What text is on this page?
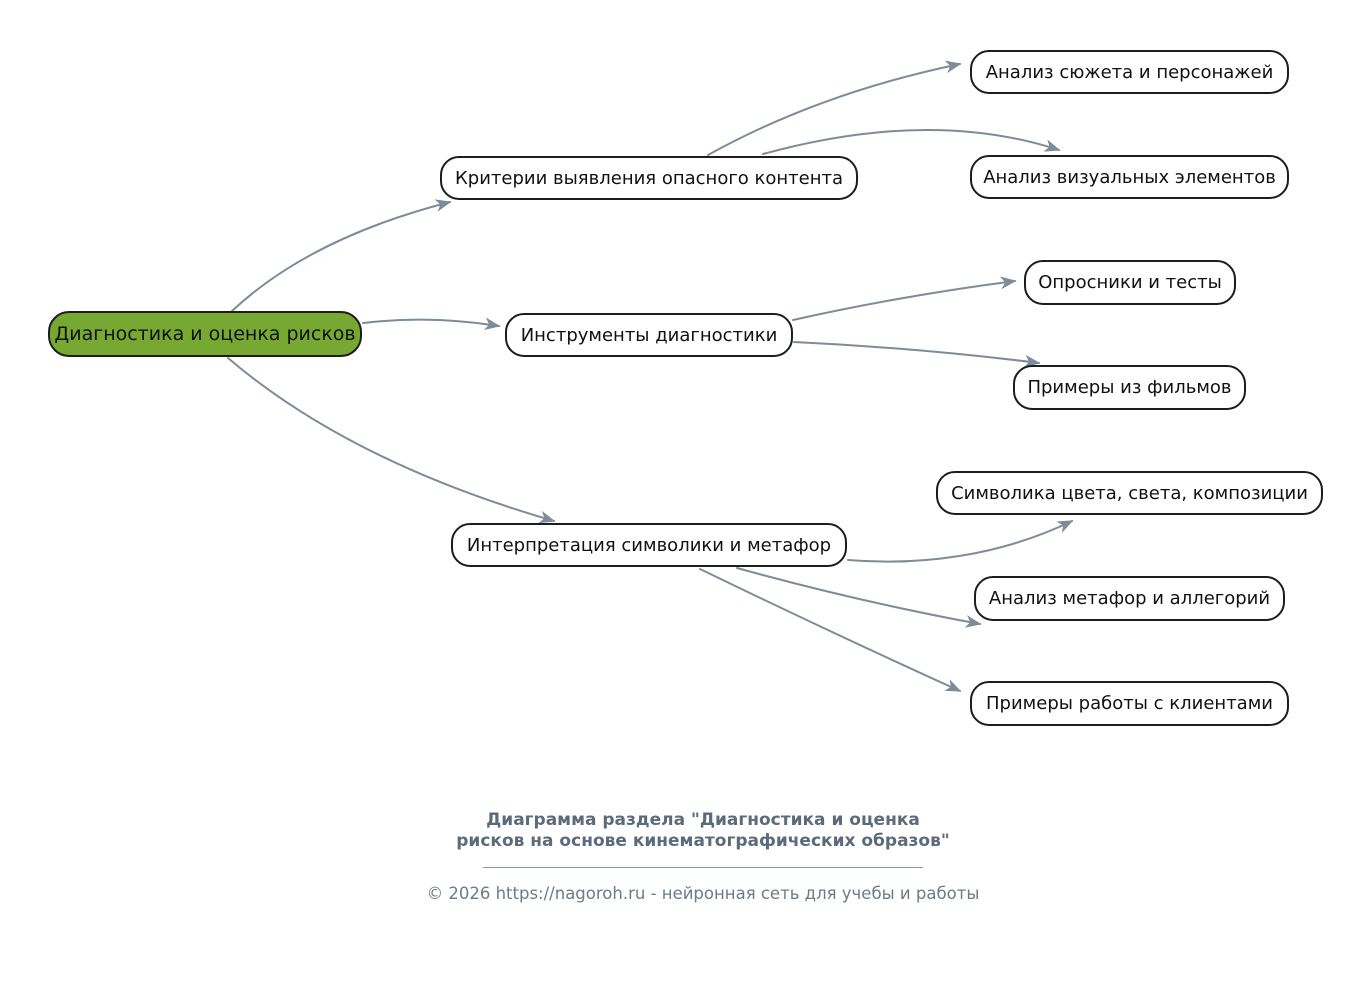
Диагностика и оценка рисков
Критерии выявления опасного контента
Инструменты диагностики
Интерпретация символики и метафор
Анализ сюжета и персонажей
Анализ визуальных элементов
Опросники и тесты
Примеры из фильмов
Символика цвета, света, композиции
Анализ метафор и аллегорий
Примеры работы с клиентами
Диаграмма раздела "Диагностика и оценка
рисков на основе кинематографических образов"
© 2026 https://nagoroh.ru - нейронная сеть для учебы и работы
